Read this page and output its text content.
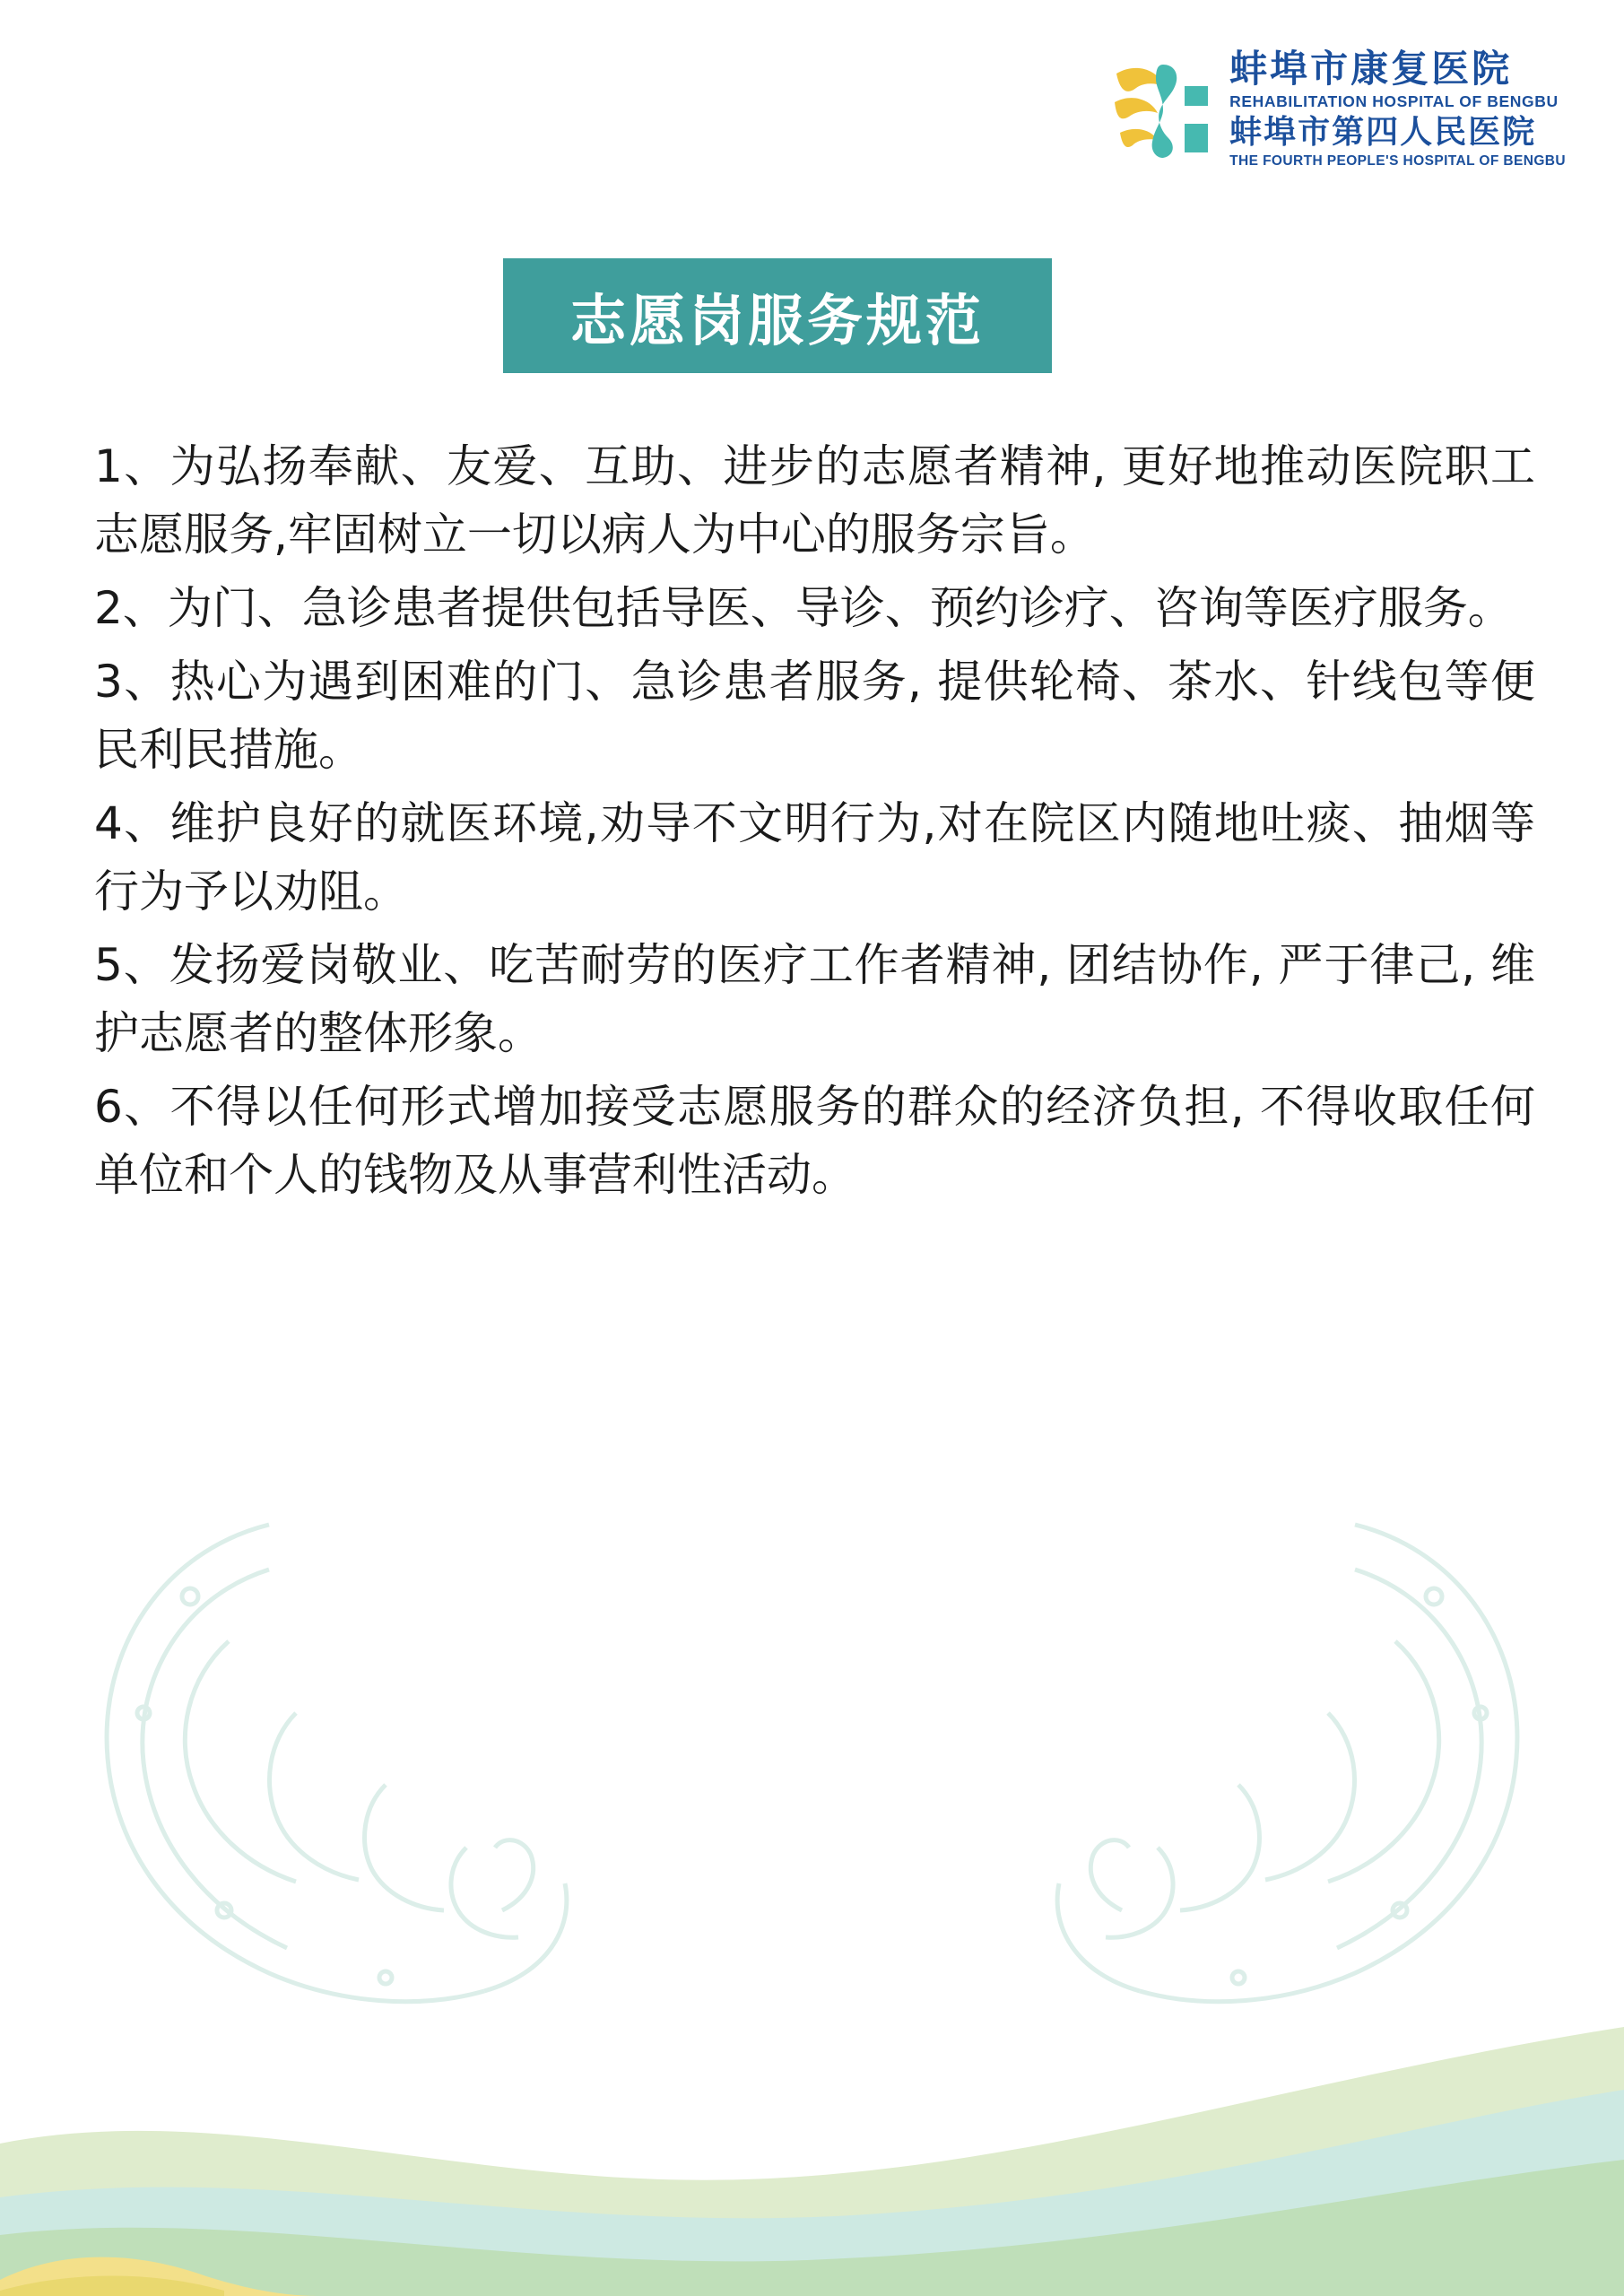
蚌埠市康复医院
REHABILITATION HOSPITAL OF BENGBU
蚌埠市第四人民医院
THE FOURTH PEOPLE'S HOSPITAL OF BENGBU
志愿岗服务规范

1、为弘扬奉献、友爱、互助、进步的志愿者精神, 更好地推动医院职工志愿服务,牢固树立一切以病人为中心的服务宗旨。

2、为门、急诊患者提供包括导医、导诊、预约诊疗、咨询等医疗服务。

3、热心为遇到困难的门、急诊患者服务, 提供轮椅、茶水、针线包等便民利民措施。

4、维护良好的就医环境,劝导不文明行为,对在院区内随地吐痰、抽烟等行为予以劝阻。

5、发扬爱岗敬业、吃苦耐劳的医疗工作者精神, 团结协作, 严于律己, 维护志愿者的整体形象。

6、不得以任何形式增加接受志愿服务的群众的经济负担, 不得收取任何单位和个人的钱物及从事营利性活动。
